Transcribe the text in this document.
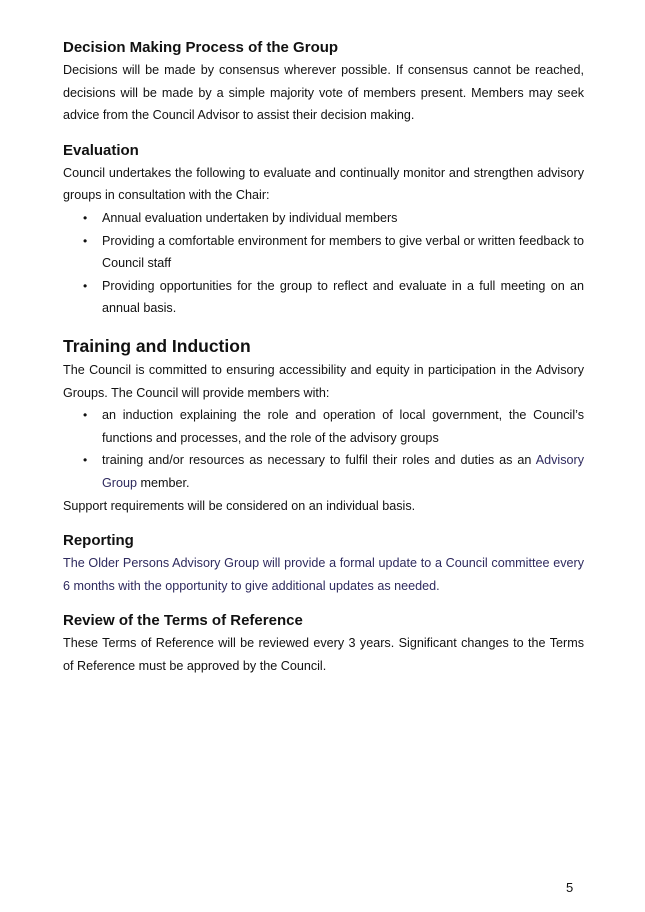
Decision Making Process of the Group

Decisions will be made by consensus wherever possible. If consensus cannot be reached, decisions will be made by a simple majority vote of members present. Members may seek advice from the Council Advisor to assist their decision making.

Evaluation

Council undertakes the following to evaluate and continually monitor and strengthen advisory groups in consultation with the Chair:

• Annual evaluation undertaken by individual members
• Providing a comfortable environment for members to give verbal or written feedback to Council staff
• Providing opportunities for the group to reflect and evaluate in a full meeting on an annual basis.
Training and Induction

The Council is committed to ensuring accessibility and equity in participation in the Advisory Groups. The Council will provide members with:

• an induction explaining the role and operation of local government, the Council’s functions and processes, and the role of the advisory groups
• training and/or resources as necessary to fulfil their roles and duties as an Advisory Group member.

Support requirements will be considered on an individual basis.

Reporting

The Older Persons Advisory Group will provide a formal update to a Council committee every 6 months with the opportunity to give additional updates as needed.

Review of the Terms of Reference

These Terms of Reference will be reviewed every 3 years. Significant changes to the Terms of Reference must be approved by the Council.

5
